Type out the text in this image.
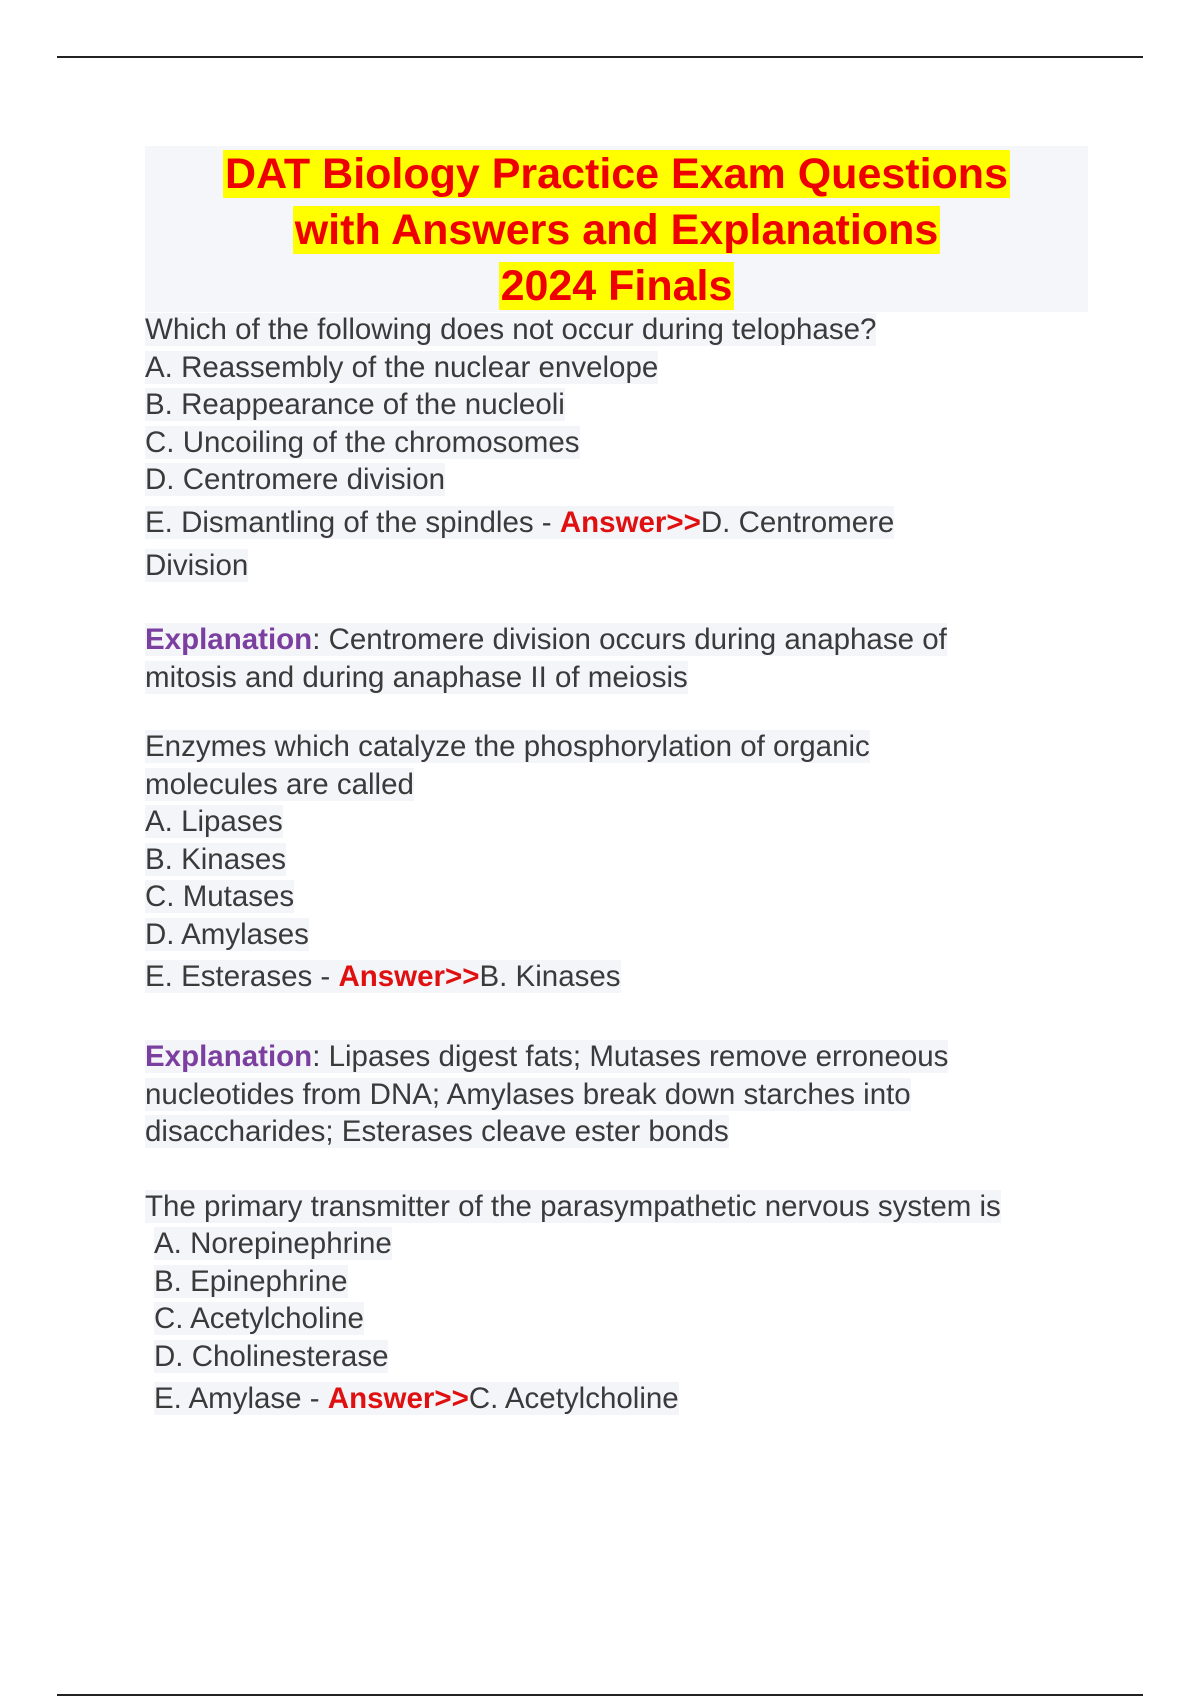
DAT Biology Practice Exam Questions
with Answers and Explanations
2024 Finals
Which of the following does not occur during telophase?
A. Reassembly of the nuclear envelope
B. Reappearance of the nucleoli
C. Uncoiling of the chromosomes
D. Centromere division
E. Dismantling of the spindles - Answer>>D. Centromere
Division
Explanation: Centromere division occurs during anaphase of
mitosis and during anaphase II of meiosis
Enzymes which catalyze the phosphorylation of organic
molecules are called
A. Lipases
B. Kinases
C. Mutases
D. Amylases
E. Esterases - Answer>>B. Kinases
Explanation: Lipases digest fats; Mutases remove erroneous
nucleotides from DNA; Amylases break down starches into
disaccharides; Esterases cleave ester bonds
The primary transmitter of the parasympathetic nervous system is
A. Norepinephrine
B. Epinephrine
C. Acetylcholine
D. Cholinesterase
E. Amylase - Answer>>C. Acetylcholine
